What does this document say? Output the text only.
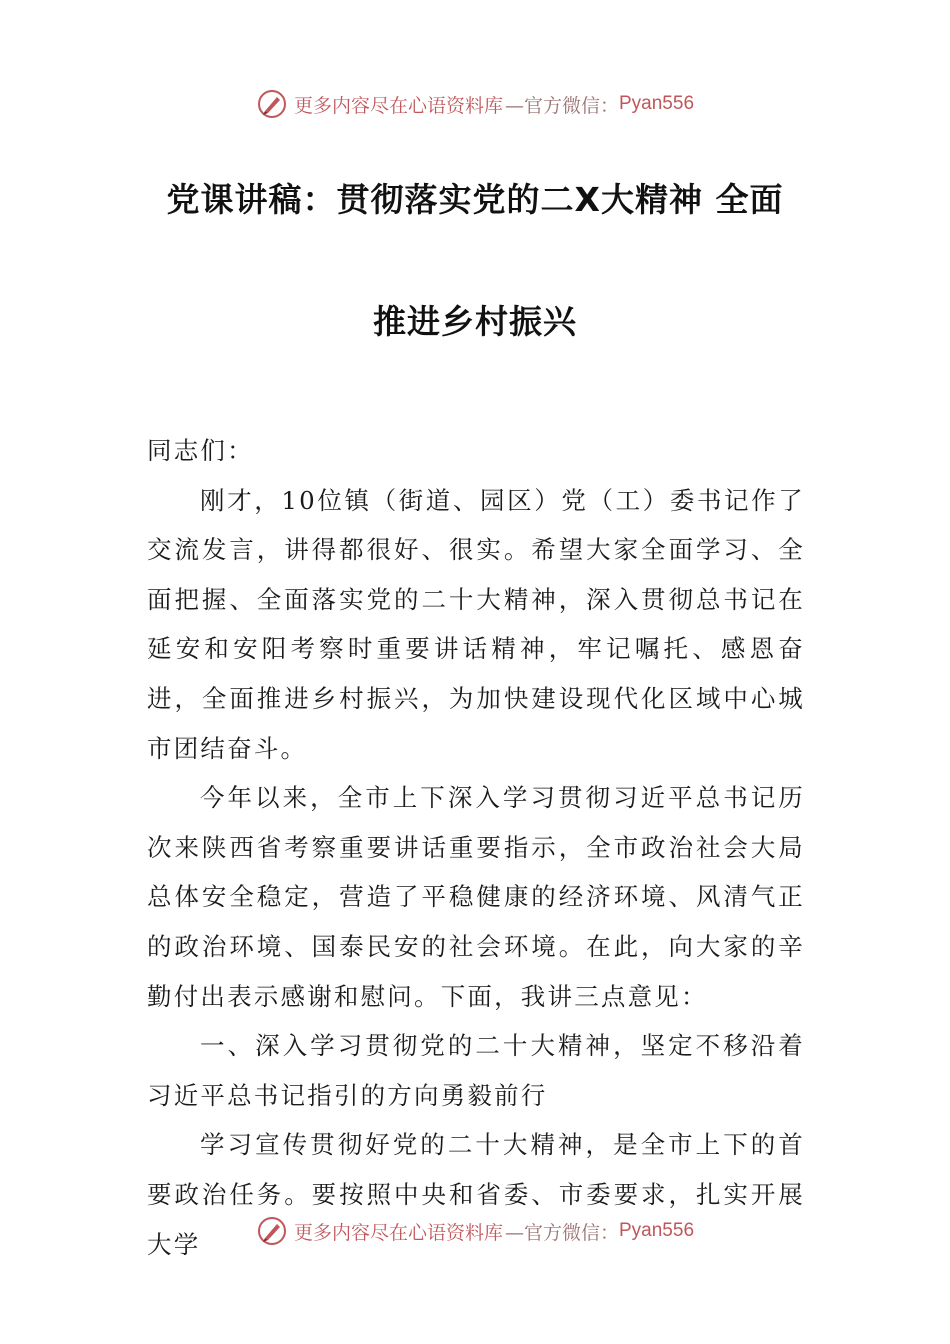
更多内容尽在心语资料库 —官方微信： Pyan556
党课讲稿：贯彻落实党的二X大精神 全面
推进乡村振兴

同志们：

刚才，10位镇（街道、园区）党（工）委书记作了交流发言，讲得都很好、很实。希望大家全面学习、全面把握、全面落实党的二十大精神，深入贯彻总书记在延安和安阳考察时重要讲话精神，牢记嘱托、感恩奋进，全面推进乡村振兴，为加快建设现代化区域中心城市团结奋斗。

今年以来，全市上下深入学习贯彻习近平总书记历次来陕西省考察重要讲话重要指示，全市政治社会大局总体安全稳定，营造了平稳健康的经济环境、风清气正的政治环境、国泰民安的社会环境。在此，向大家的辛勤付出表示感谢和慰问。下面，我讲三点意见：

一、深入学习贯彻党的二十大精神，坚定不移沿着习近平总书记指引的方向勇毅前行

学习宣传贯彻好党的二十大精神，是全市上下的首要政治任务。要按照中央和省委、市委要求，扎实开展大学	更多内容尽在心语资料库 —官方微信： Pyan556
